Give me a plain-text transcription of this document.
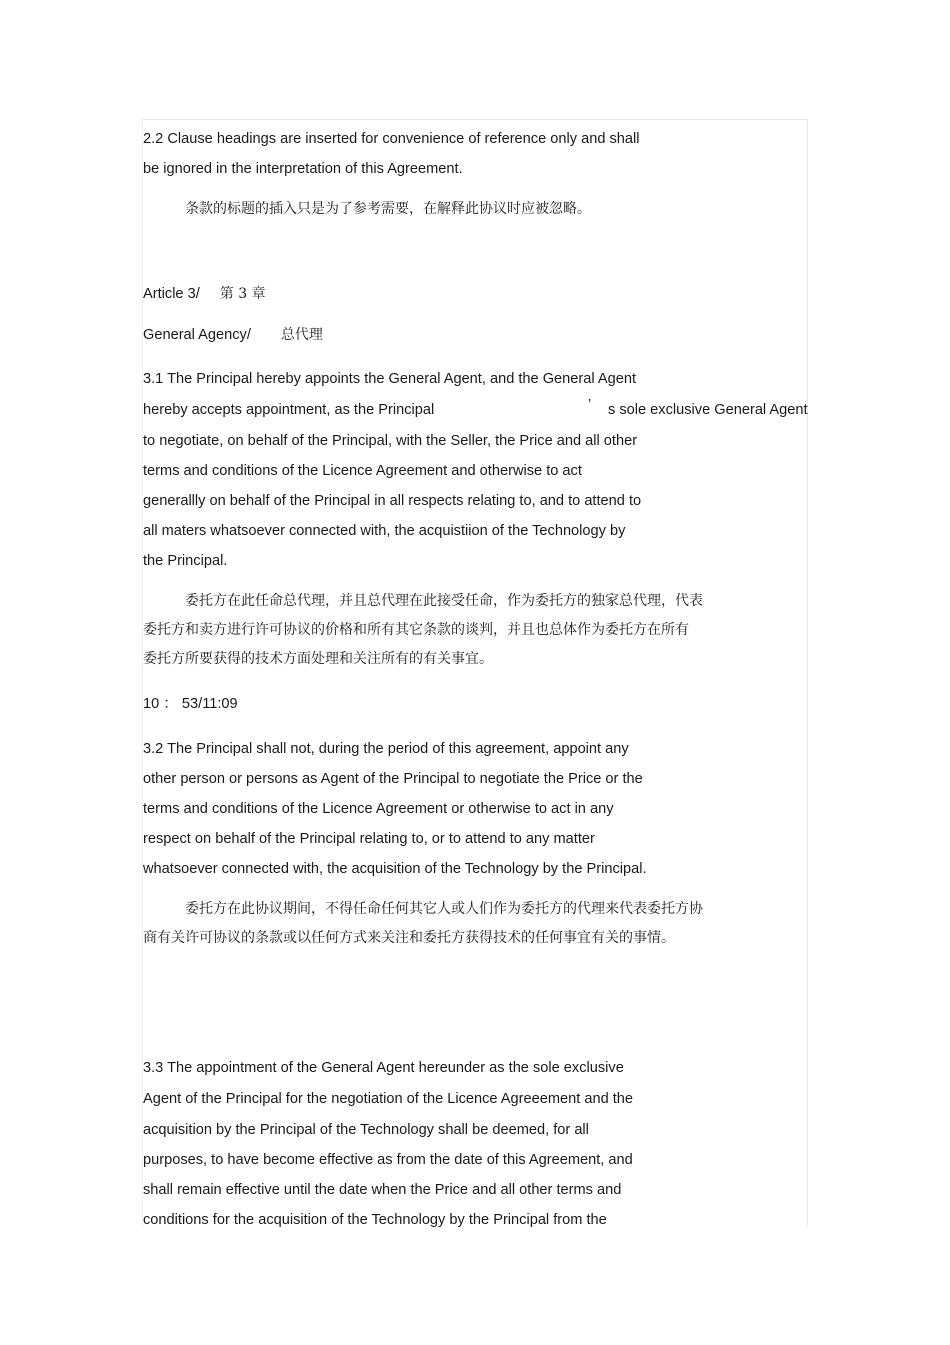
2.2 Clause headings are inserted for convenience of reference only and shall
be ignored in the interpretation of this Agreement.
条款的标题的插入只是为了参考需要，在解释此协议时应被忽略。
Article 3/ 第 3 章
General Agency/ 总代理
3.1 The Principal hereby appoints the General Agent, and the General Agent
hereby accepts appointment, as the Principal	’ s sole exclusive General Agent
to negotiate, on behalf of the Principal, with the Seller, the Price and all other
terms and conditions of the Licence Agreement and otherwise to act
generallly on behalf of the Principal in all respects relating to, and to attend to
all maters whatsoever connected with, the acquistiion of the Technology by
the Principal.
委托方在此任命总代理，并且总代理在此接受任命，作为委托方的独家总代理，代表
委托方和卖方进行许可协议的价格和所有其它条款的谈判，并且也总体作为委托方在所有
委托方所要获得的技术方面处理和关注所有的有关事宜。
10 ： 53/11:09
3.2 The Principal shall not, during the period of this agreement, appoint any
other person or persons as Agent of the Principal to negotiate the Price or the
terms and conditions of the Licence Agreement or otherwise to act in any
respect on behalf of the Principal relating to, or to attend to any matter
whatsoever connected with, the acquisition of the Technology by the Principal.
委托方在此协议期间，不得任命任何其它人或人们作为委托方的代理来代表委托方协
商有关许可协议的条款或以任何方式来关注和委托方获得技术的任何事宜有关的事情。
3.3 The appointment of the General Agent hereunder as the sole exclusive
Agent of the Principal for the negotiation of the Licence Agreeement and the
acquisition by the Principal of the Technology shall be deemed, for all
purposes, to have become effective as from the date of this Agreement, and
shall remain effective until the date when the Price and all other terms and
conditions for the acquisition of the Technology by the Principal from the
